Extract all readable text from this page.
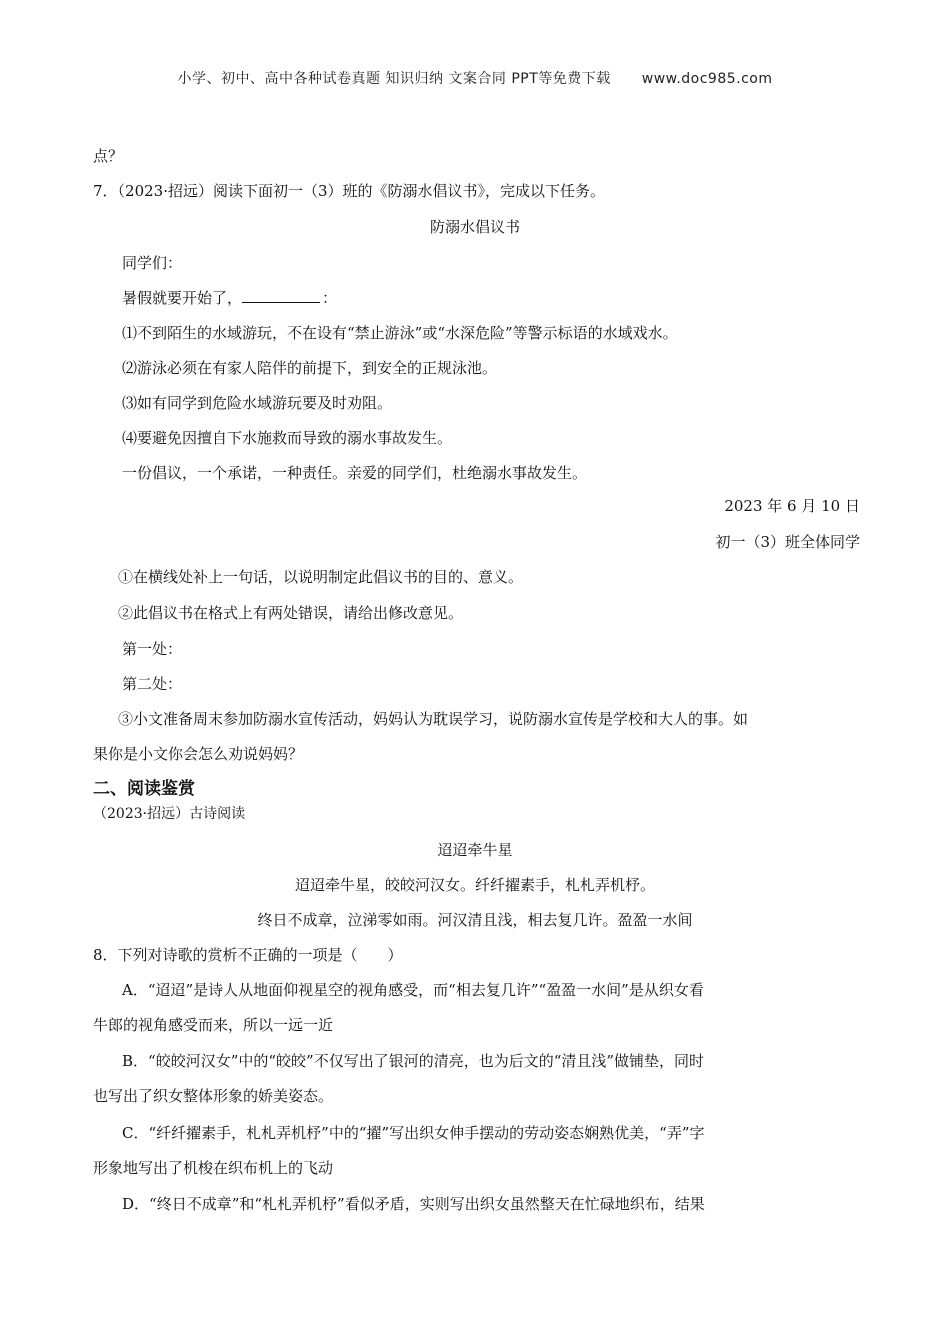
小学、初中、高中各种试卷真题 知识归纳 文案合同 PPT等免费下载 www.doc985.com
点？
7．（2023·招远）阅读下面初一（3）班的《防溺水倡议书》，完成以下任务。
防溺水倡议书
同学们：
暑假就要开始了，	：
⑴不到陌生的水域游玩，不在设有“禁止游泳”或“水深危险”等警示标语的水域戏水。
⑵游泳必须在有家人陪伴的前提下，到安全的正规泳池。
⑶如有同学到危险水域游玩要及时劝阻。
⑷要避免因擅自下水施救而导致的溺水事故发生。
一份倡议，一个承诺，一种责任。亲爱的同学们，杜绝溺水事故发生。
2023 年 6 月 10 日
初一（3）班全体同学
①在横线处补上一句话，以说明制定此倡议书的目的、意义。
②此倡议书在格式上有两处错误，请给出修改意见。
第一处：
第二处：
③小文准备周末参加防溺水宣传活动，妈妈认为耽误学习，说防溺水宣传是学校和大人的事。如
果你是小文你会怎么劝说妈妈？
二、阅读鉴赏
（2023·招远）古诗阅读
迢迢牵牛星
迢迢牵牛星，皎皎河汉女。纤纤擢素手，札札弄机杼。
终日不成章，泣涕零如雨。河汉清且浅，相去复几许。盈盈一水间
8．下列对诗歌的赏析不正确的一项是（　　）
A．“迢迢”是诗人从地面仰视星空的视角感受，而“相去复几许”“盈盈一水间”是从织女看
牛郎的视角感受而来，所以一远一近
B．“皎皎河汉女”中的“皎皎”不仅写出了银河的清亮，也为后文的“清且浅”做铺垫，同时
也写出了织女整体形象的娇美姿态。
C．“纤纤擢素手，札札弄机杼”中的“擢”写出织女伸手摆动的劳动姿态娴熟优美，“弄”字
形象地写出了机梭在织布机上的飞动
D．“终日不成章”和“札札弄机杼”看似矛盾，实则写出织女虽然整天在忙碌地织布，结果
